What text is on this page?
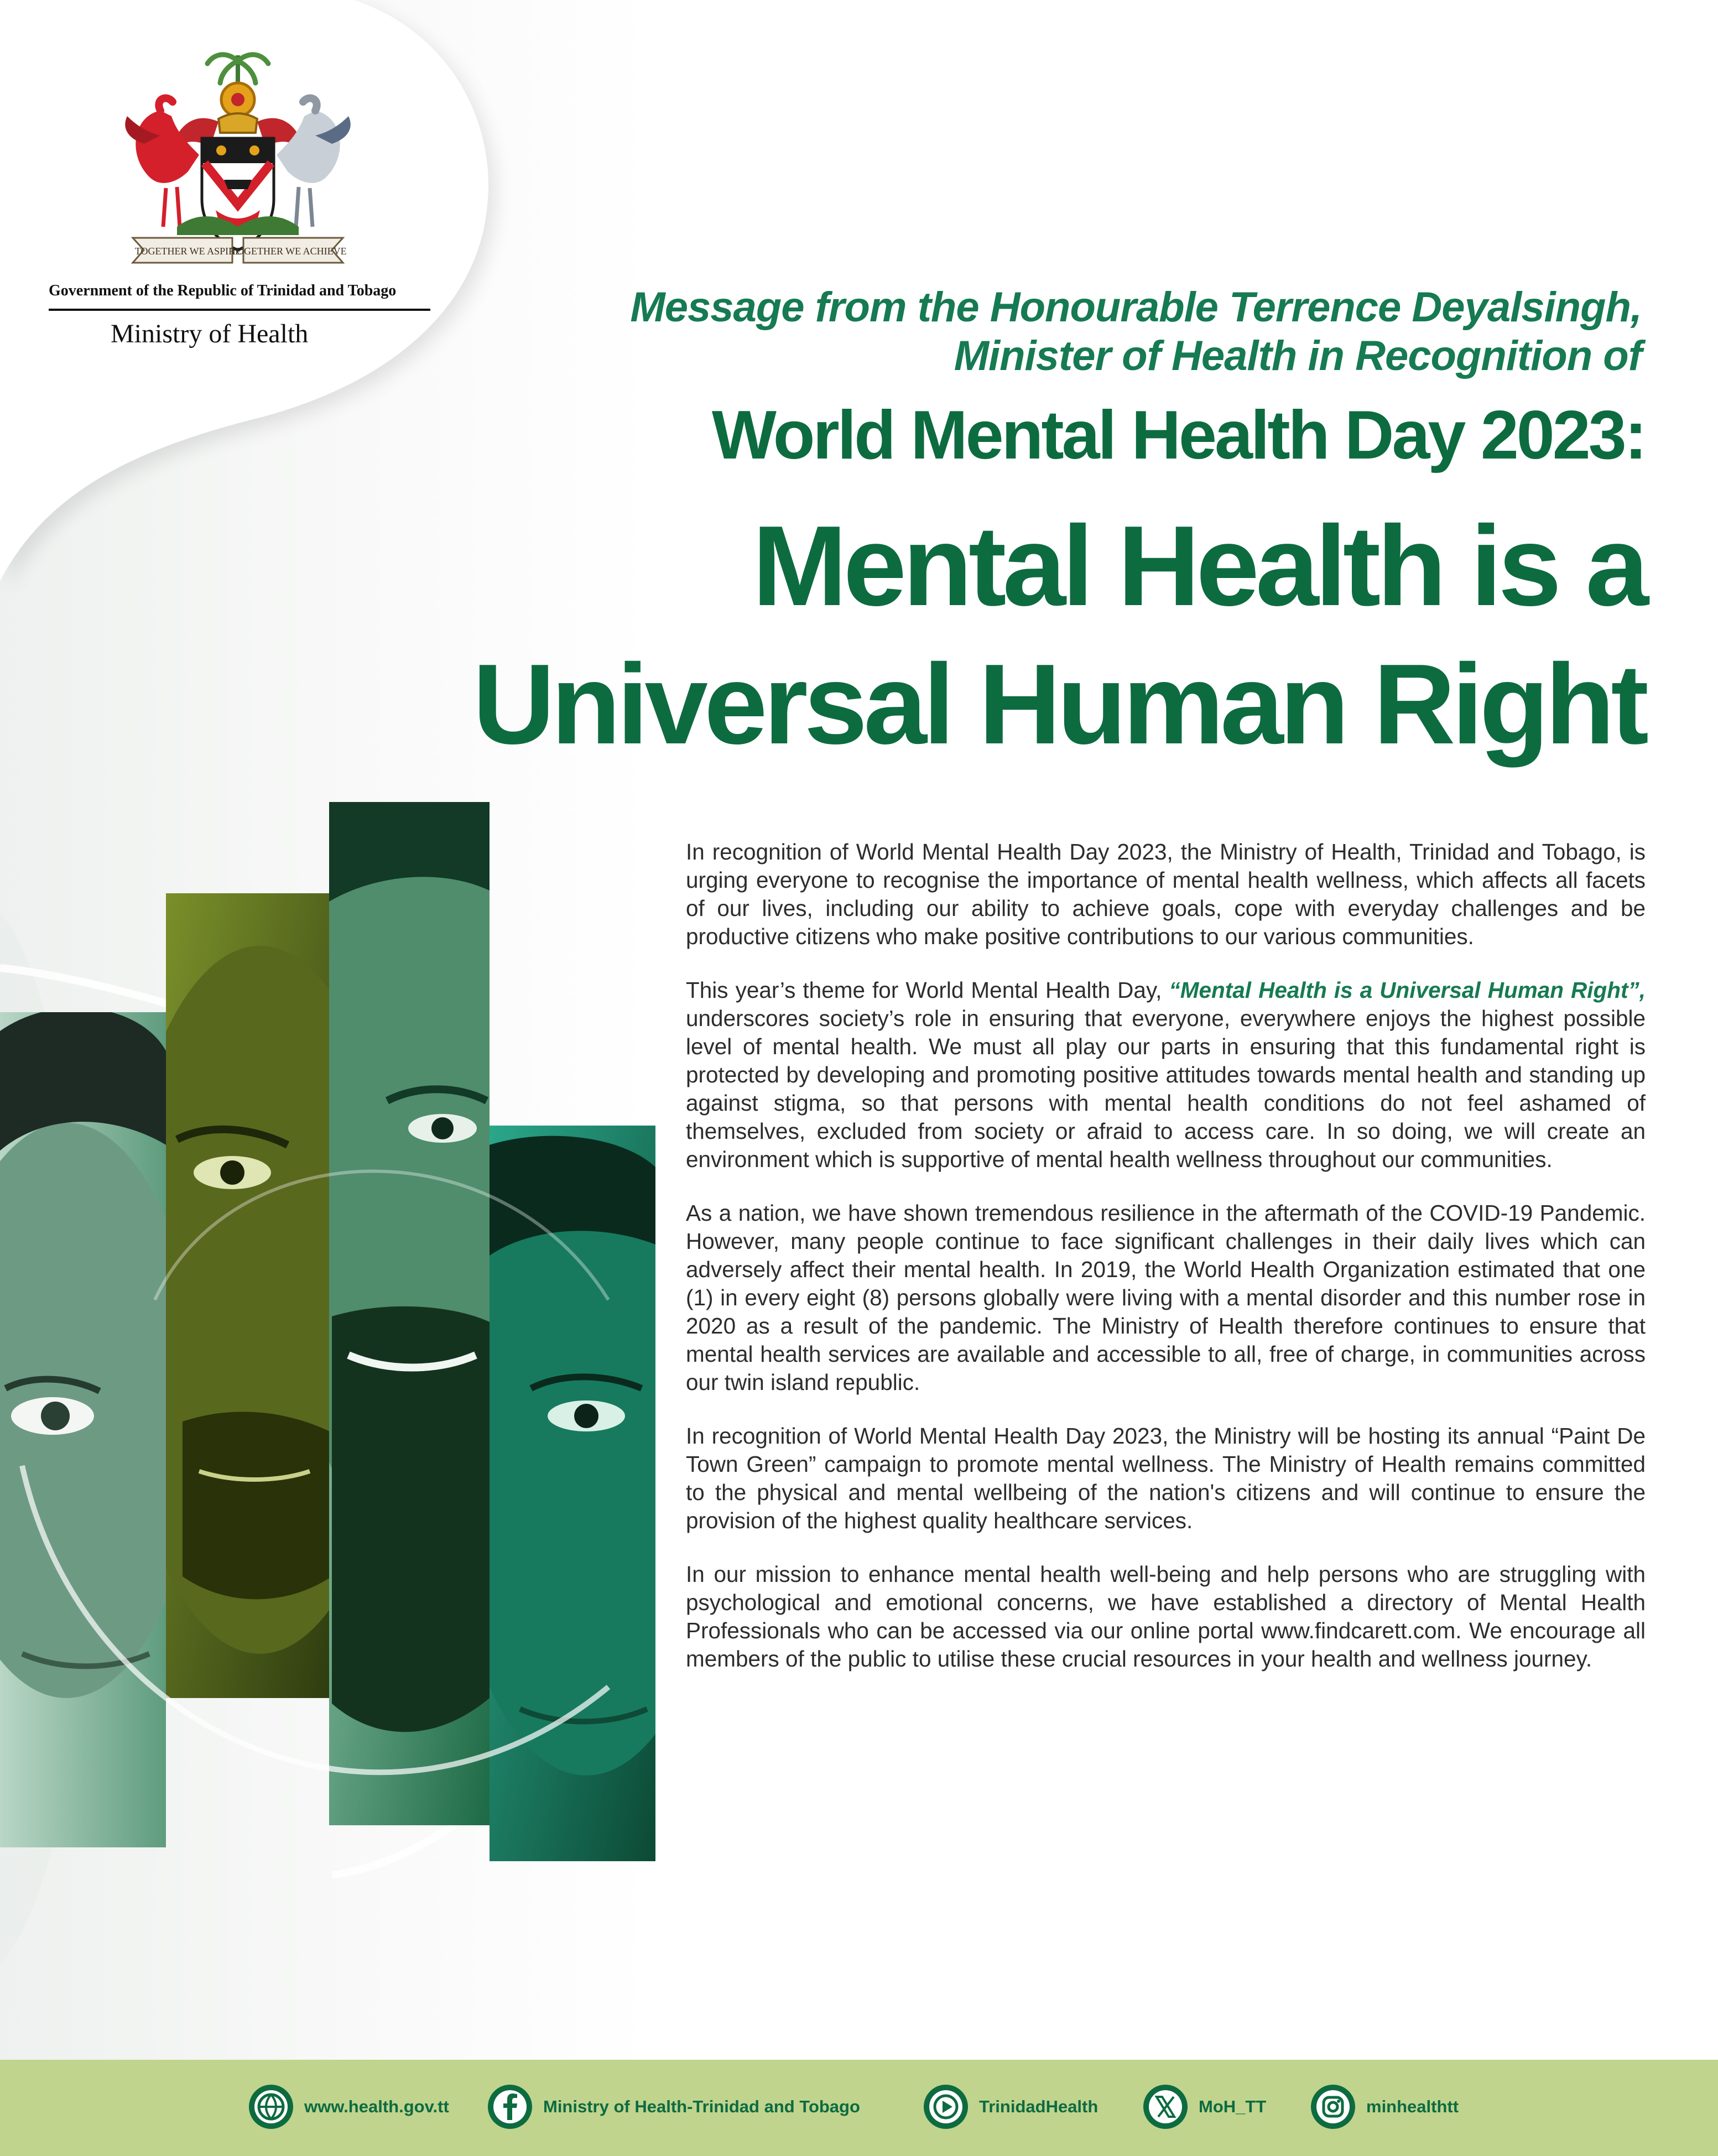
TOGETHER WE ASPIRE
TOGETHER WE ACHIEVE
Government of the Republic of Trinidad and Tobago
Ministry of Health
Message from the Honourable Terrence Deyalsingh,
Minister of Health in Recognition of
World Mental Health Day 2023:
Mental Health is a
Universal Human Right

In recognition of World Mental Health Day 2023, the Ministry of Health, Trinidad and Tobago, is urging everyone to recognise the importance of mental health wellness, which affects all facets of our lives, including our ability to achieve goals, cope with everyday challenges and be productive citizens who make positive contributions to our various communities.

This year’s theme for World Mental Health Day, “Mental Health is a Universal Human Right”, underscores society’s role in ensuring that everyone, everywhere enjoys the highest possible level of mental health. We must all play our parts in ensuring that this fundamental right is protected by developing and promoting positive attitudes towards mental health and standing up against stigma, so that persons with mental health conditions do not feel ashamed of themselves, excluded from society or afraid to access care. In so doing, we will create an environment which is supportive of mental health wellness throughout our communities.

As a nation, we have shown tremendous resilience in the aftermath of the COVID-19 Pandemic. However, many people continue to face significant challenges in their daily lives which can adversely affect their mental health. In 2019, the World Health Organization estimated that one (1) in every eight (8) persons globally were living with a mental disorder and this number rose in 2020 as a result of the pandemic. The Ministry of Health therefore continues to ensure that mental health services are available and accessible to all, free of charge, in communities across our twin island republic.

In recognition of World Mental Health Day 2023, the Ministry will be hosting its annual “Paint De Town Green” campaign to promote mental wellness. The Ministry of Health remains committed to the physical and mental wellbeing of the nation's citizens and will continue to ensure the provision of the highest quality healthcare services.

In our mission to enhance mental health well-being and help persons who are struggling with psychological and emotional concerns, we have established a directory of Mental Health Professionals who can be accessed via our online portal www.findcarett.com. We encourage all members of the public to utilise these crucial resources in your health and wellness journey.

www.health.gov.tt	Ministry of Health-Trinidad and Tobago	TrinidadHealth	MoH_TT	minhealthtt
